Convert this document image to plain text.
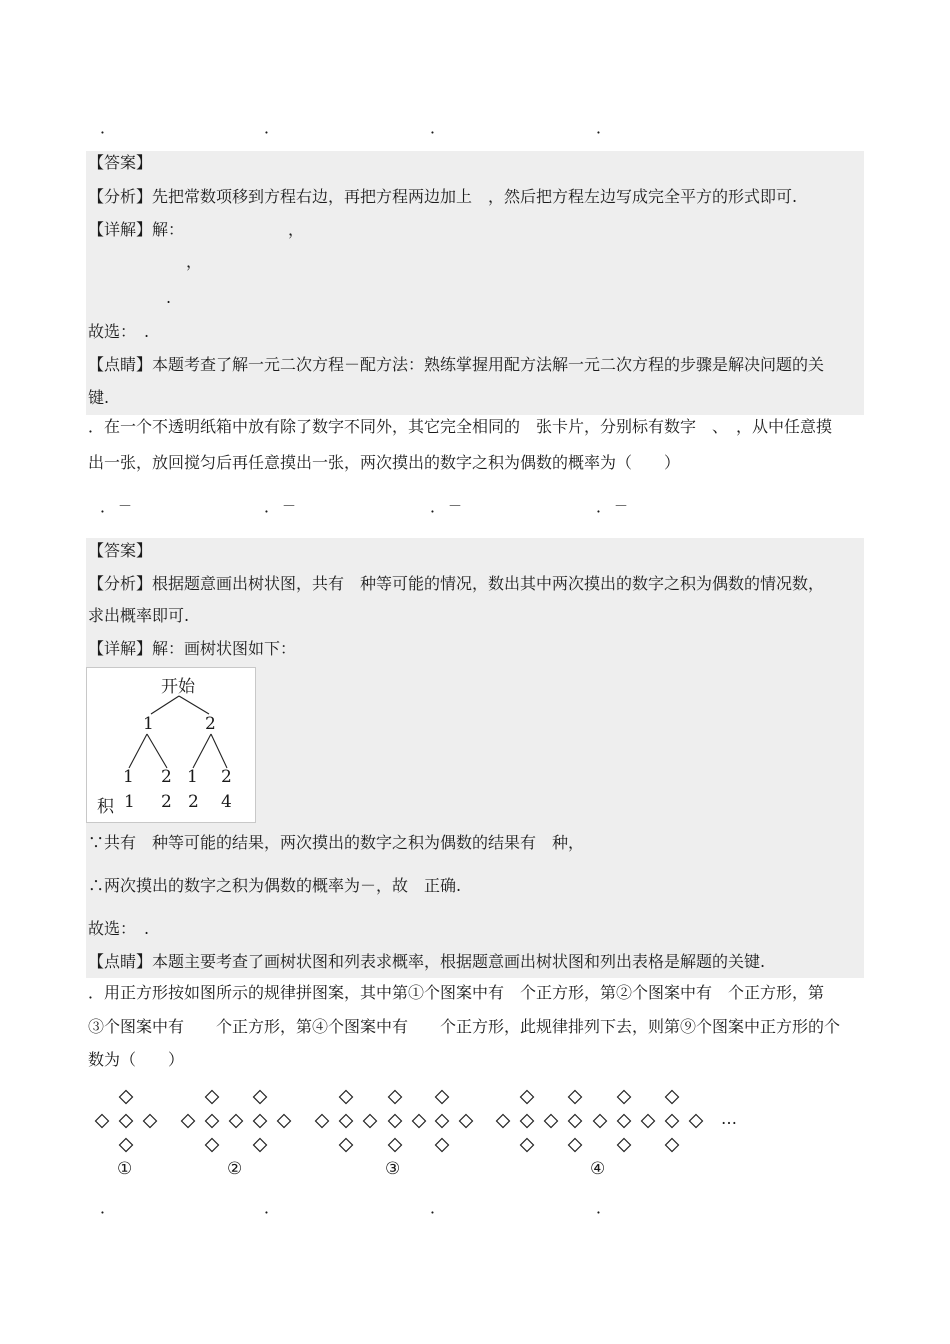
．	．	．	．
【答案】
【分析】先把常数项移到方程右边，再把方程两边加上　，然后把方程左边写成完全平方的形式即可.
【详解】解：　　　　　　　，
，
.
故选：　.
【点睛】本题考查了解一元二次方程－配方法：熟练掌握用配方法解一元二次方程的步骤是解决问题的关
键.
．在一个不透明纸箱中放有除了数字不同外，其它完全相同的　张卡片，分别标有数字　、　，从中任意摸
出一张，放回搅匀后再任意摸出一张，两次摸出的数字之积为偶数的概率为（　　）
． －	． －	． －	． －
【答案】
【分析】根据题意画出树状图，共有　种等可能的情况，数出其中两次摸出的数字之积为偶数的情况数，
求出概率即可.
【详解】解：画树状图如下：
开始
1	2
1 2 1 2
积 1 2 2 4
∵共有　种等可能的结果，两次摸出的数字之积为偶数的结果有　种，
∴两次摸出的数字之积为偶数的概率为－，故　正确.
故选：　.
【点睛】本题主要考查了画树状图和列表求概率，根据题意画出树状图和列出表格是解题的关键.
．用正方形按如图所示的规律拼图案，其中第①个图案中有　个正方形，第②个图案中有　个正方形，第
③个图案中有　　个正方形，第④个图案中有　　个正方形，此规律排列下去，则第⑨个图案中正方形的个
数为（　　）
…
①	②	③	④
．	．	．	．
